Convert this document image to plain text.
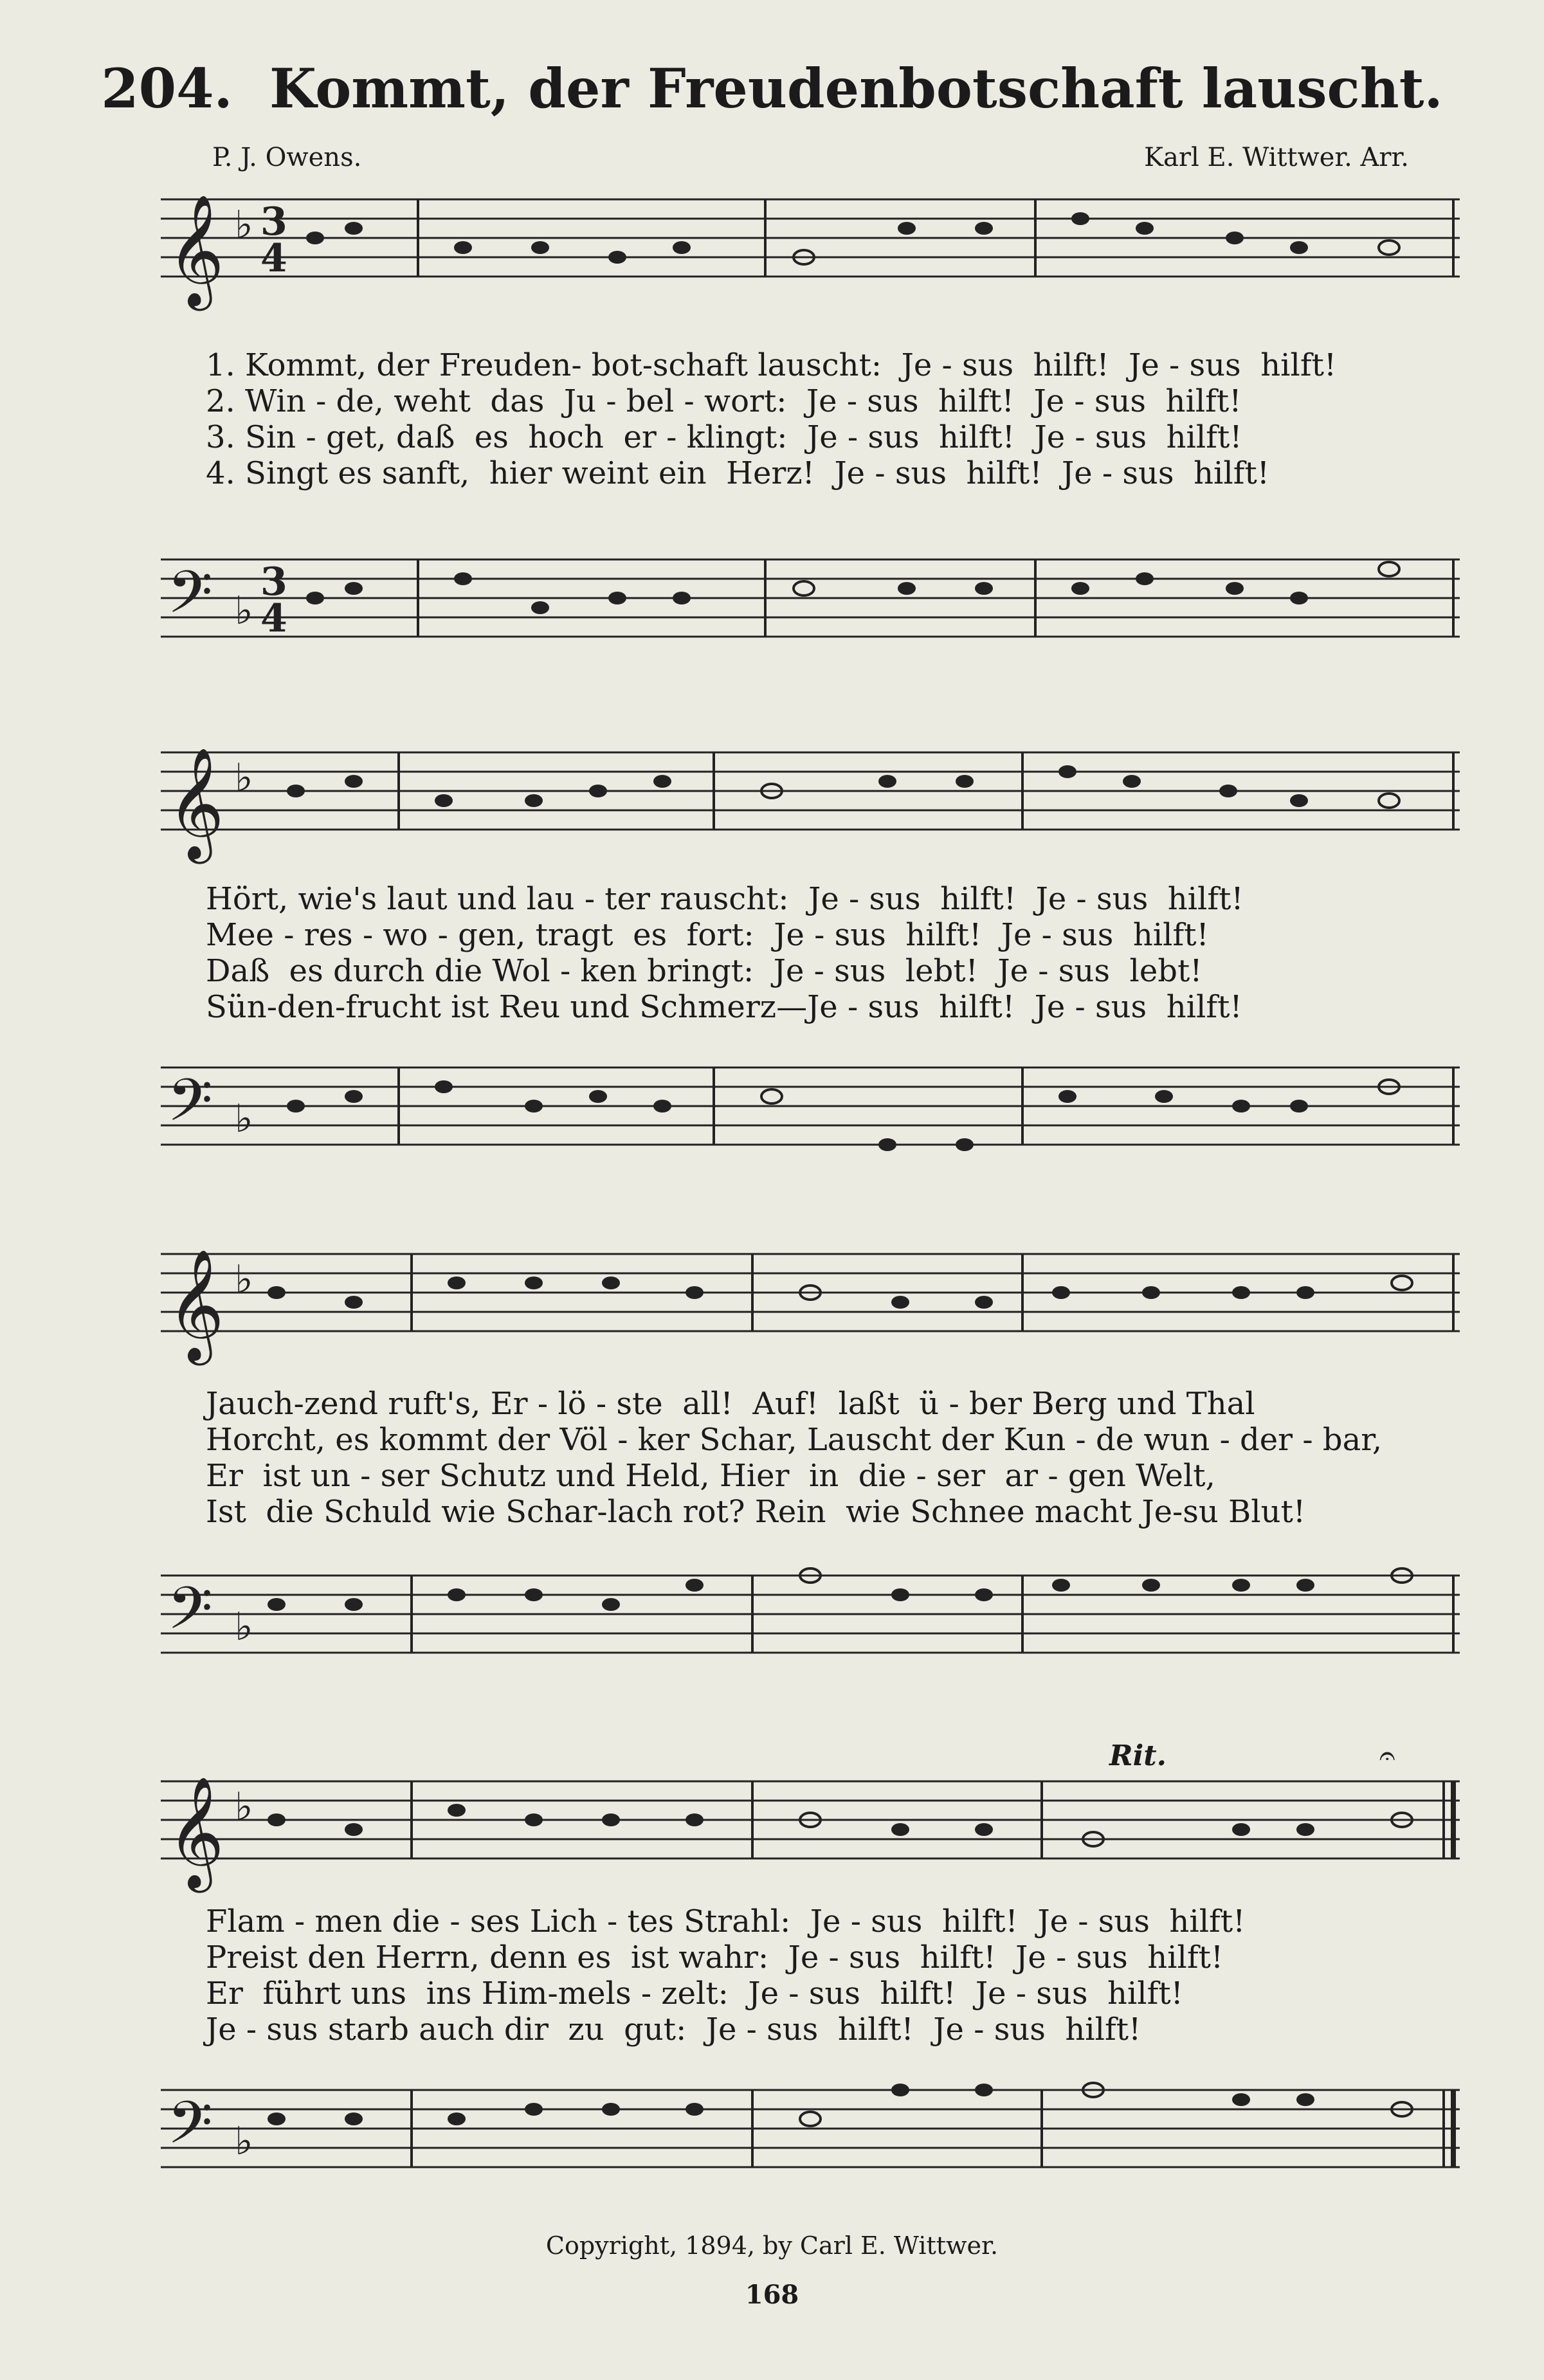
204. Kommt, der Freudenbotschaft lauscht.
P. J. Owens.	Karl E. Wittwer. Arr.
𝄞 ♭ 3
4
1. Kommt, der Freuden- bot-schaft lauscht:  Je - sus  hilft!  Je - sus  hilft!
2. Win - de, weht  das  Ju - bel - wort:  Je - sus  hilft!  Je - sus  hilft!
3. Sin - get, daß  es  hoch  er - klingt:  Je - sus  hilft!  Je - sus  hilft!
4. Singt es sanft,  hier weint ein  Herz!  Je - sus  hilft!  Je - sus  hilft!
𝄢 ♭
3
4
𝄞 ♭
Hört, wie's laut und lau - ter rauscht:  Je - sus  hilft!  Je - sus  hilft!
Mee - res - wo - gen, tragt  es  fort:  Je - sus  hilft!  Je - sus  hilft!
Daß  es durch die Wol - ken bringt:  Je - sus  lebt!  Je - sus  lebt!
Sün-den-frucht ist Reu und Schmerz—Je - sus  hilft!  Je - sus  hilft!
𝄢 ♭
𝄞 ♭
Jauch-zend ruft's, Er - lö - ste  all!  Auf!  laßt  ü - ber Berg und Thal
Horcht, es kommt der Völ - ker Schar, Lauscht der Kun - de wun - der - bar,
Er  ist un - ser Schutz und Held, Hier  in  die - ser  ar - gen Welt,
Ist  die Schuld wie Schar-lach rot? Rein  wie Schnee macht Je-su Blut!
𝄢 ♭
Rit.
𝄞 ♭
𝄐
Flam - men die - ses Lich - tes Strahl:  Je - sus  hilft!  Je - sus  hilft!
Preist den Herrn, denn es  ist wahr:  Je - sus  hilft!  Je - sus  hilft!
Er  führt uns  ins Him-mels - zelt:  Je - sus  hilft!  Je - sus  hilft!
Je - sus starb auch dir  zu  gut:  Je - sus  hilft!  Je - sus  hilft!
𝄢 ♭
Copyright, 1894, by Carl E. Wittwer.
168
